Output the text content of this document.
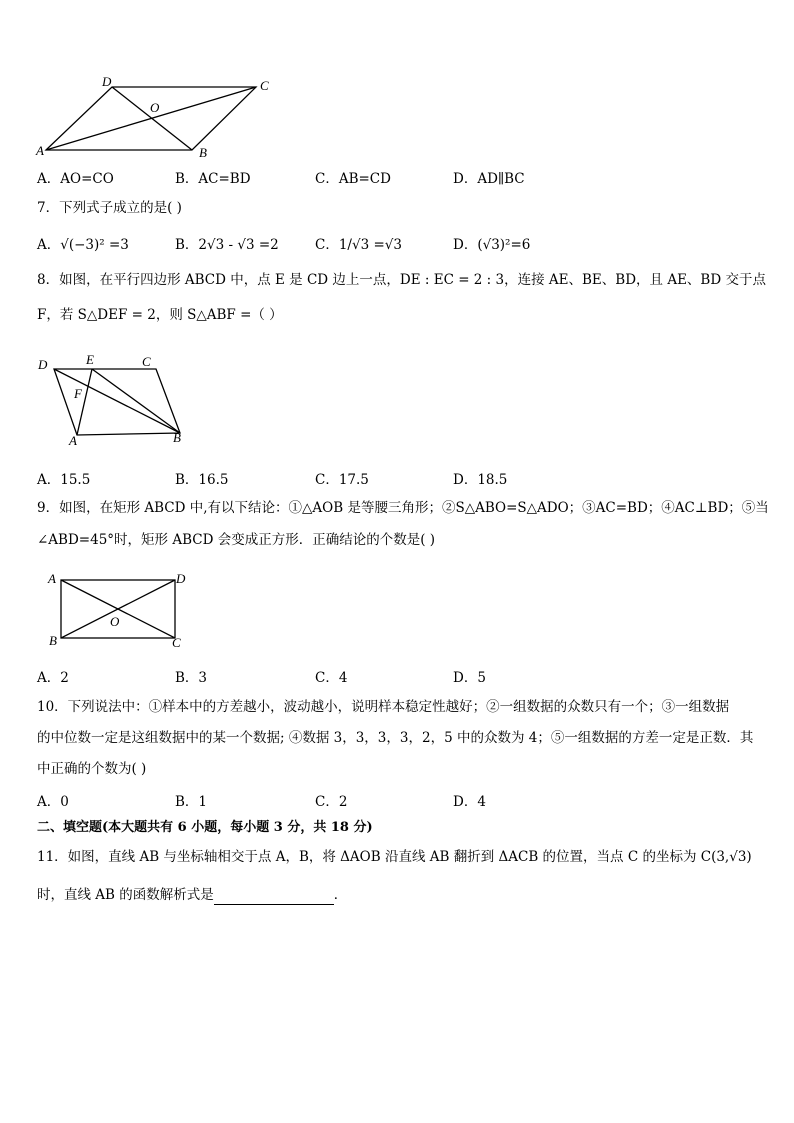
D	C
O
A	B
A．AO=CO	B．AC=BD	C．AB=CD	D．AD∥BC
7．下列式子成立的是( )
A．√(−3)² =3	B．2√3 - √3 =2	C．1/√3 =√3	D．(√3)²=6
8．如图，在平行四边形 ABCD 中，点 E 是 CD 边上一点，DE : EC = 2 : 3，连接 AE、BE、BD，且 AE、BD 交于点
F，若 S△DEF = 2，则 S△ABF =（ ）
D	E	C
F
A	B
A．15.5	B．16.5	C．17.5	D．18.5
9．如图，在矩形 ABCD 中,有以下结论：①△AOB 是等腰三角形；②S△ABO=S△ADO；③AC=BD；④AC⊥BD；⑤当
∠ABD=45°时，矩形 ABCD 会变成正方形．正确结论的个数是( )
A	D
B	C
O
A．2	B．3	C．4	D．5
10．下列说法中：①样本中的方差越小，波动越小，说明样本稳定性越好；②一组数据的众数只有一个；③一组数据
的中位数一定是这组数据中的某一个数据; ④数据 3，3，3，3，2，5 中的众数为 4；⑤一组数据的方差一定是正数．其
中正确的个数为( )
A．0	B．1	C．2	D．4
二、填空题(本大题共有 6 小题，每小题 3 分，共 18 分)
11．如图，直线 AB 与坐标轴相交于点 A，B，将 ΔAOB 沿直线 AB 翻折到 ΔACB 的位置，当点 C 的坐标为 C(3,√3)
时，直线 AB 的函数解析式是	．
